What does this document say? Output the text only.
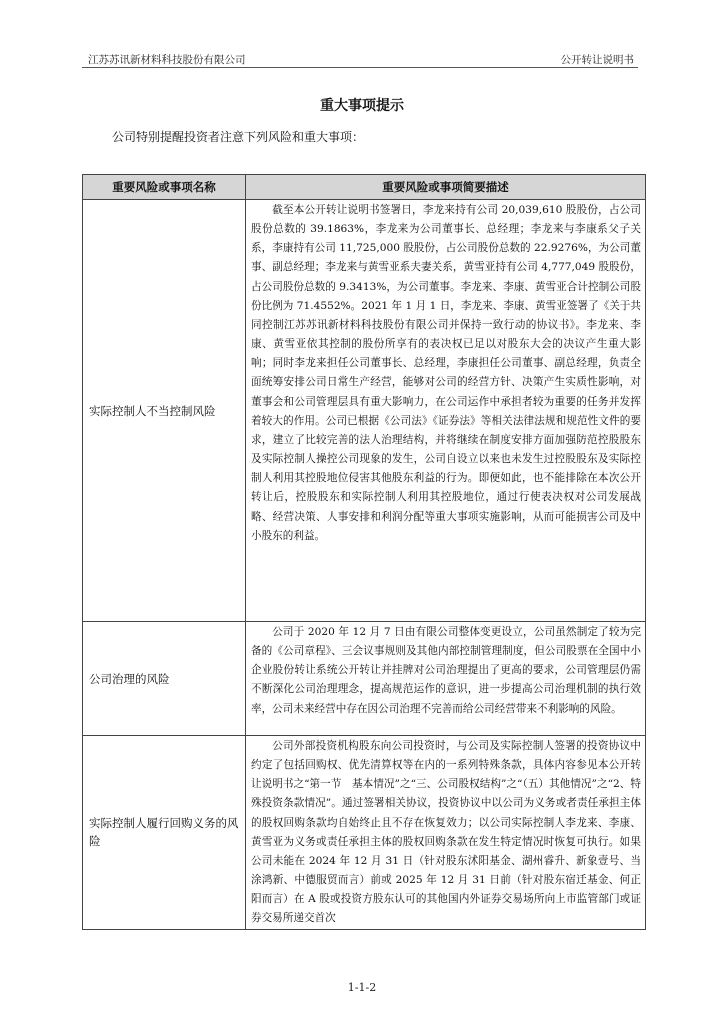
江苏苏讯新材料科技股份有限公司	公开转让说明书
重大事项提示
公司特别提醒投资者注意下列风险和重大事项：
重要风险或事项名称	重要风险或事项简要描述
实际控制人不当控制风险	截至本公开转让说明书签署日，李龙来持有公司 20,039,610 股股份，占公司股份总数的 39.1863%，李龙来为公司董事长、总经理；李龙来与李康系父子关系，李康持有公司 11,725,000 股股份，占公司股份总数的 22.9276%，为公司董事、副总经理；李龙来与黄雪亚系夫妻关系，黄雪亚持有公司 4,777,049 股股份，占公司股份总数的 9.3413%，为公司董事。李龙来、李康、黄雪亚合计控制公司股份比例为 71.4552%。2021 年 1 月 1 日，李龙来、李康、黄雪亚签署了《关于共同控制江苏苏讯新材料科技股份有限公司并保持一致行动的协议书》。李龙来、李康、黄雪亚依其控制的股份所享有的表决权已足以对股东大会的决议产生重大影响；同时李龙来担任公司董事长、总经理，李康担任公司董事、副总经理，负责全面统筹安排公司日常生产经营，能够对公司的经营方针、决策产生实质性影响，对董事会和公司管理层具有重大影响力，在公司运作中承担者较为重要的任务并发挥着较大的作用。公司已根据《公司法》《证券法》等相关法律法规和规范性文件的要求，建立了比较完善的法人治理结构，并将继续在制度安排方面加强防范控股股东及实际控制人操控公司现象的发生，公司自设立以来也未发生过控股股东及实际控制人利用其控股地位侵害其他股东利益的行为。即便如此，也不能排除在本次公开转让后，控股股东和实际控制人利用其控股地位，通过行使表决权对公司发展战略、经营决策、人事安排和利润分配等重大事项实施影响，从而可能损害公司及中小股东的利益。

公司治理的风险	公司于 2020 年 12 月 7 日由有限公司整体变更设立，公司虽然制定了较为完备的《公司章程》、三会议事规则及其他内部控制管理制度，但公司股票在全国中小企业股份转让系统公开转让并挂牌对公司治理提出了更高的要求，公司管理层仍需不断深化公司治理理念，提高规范运作的意识，进一步提高公司治理机制的执行效率，公司未来经营中存在因公司治理不完善而给公司经营带来不利影响的风险。

实际控制人履行回购义务的风险	公司外部投资机构股东向公司投资时，与公司及实际控制人签署的投资协议中约定了包括回购权、优先清算权等在内的一系列特殊条款，具体内容参见本公开转让说明书之“第一节　基本情况”之“三、公司股权结构”之“（五）其他情况”之“2、特殊投资条款情况”。通过签署相关协议，投资协议中以公司为义务或者责任承担主体的股权回购条款均自始终止且不存在恢复效力；以公司实际控制人李龙来、李康、黄雪亚为义务或责任承担主体的股权回购条款在发生特定情况时恢复可执行。如果公司未能在 2024 年 12 月 31 日（针对股东沭阳基金、湖州睿升、新象壹号、当涂鸿新、中德服贸而言）前或 2025 年 12 月 31 日前（针对股东宿迁基金、何正阳而言）在 A 股或投资方股东认可的其他国内外证券交易场所向上市监管部门或证券交易所递交首次

1-1-2
